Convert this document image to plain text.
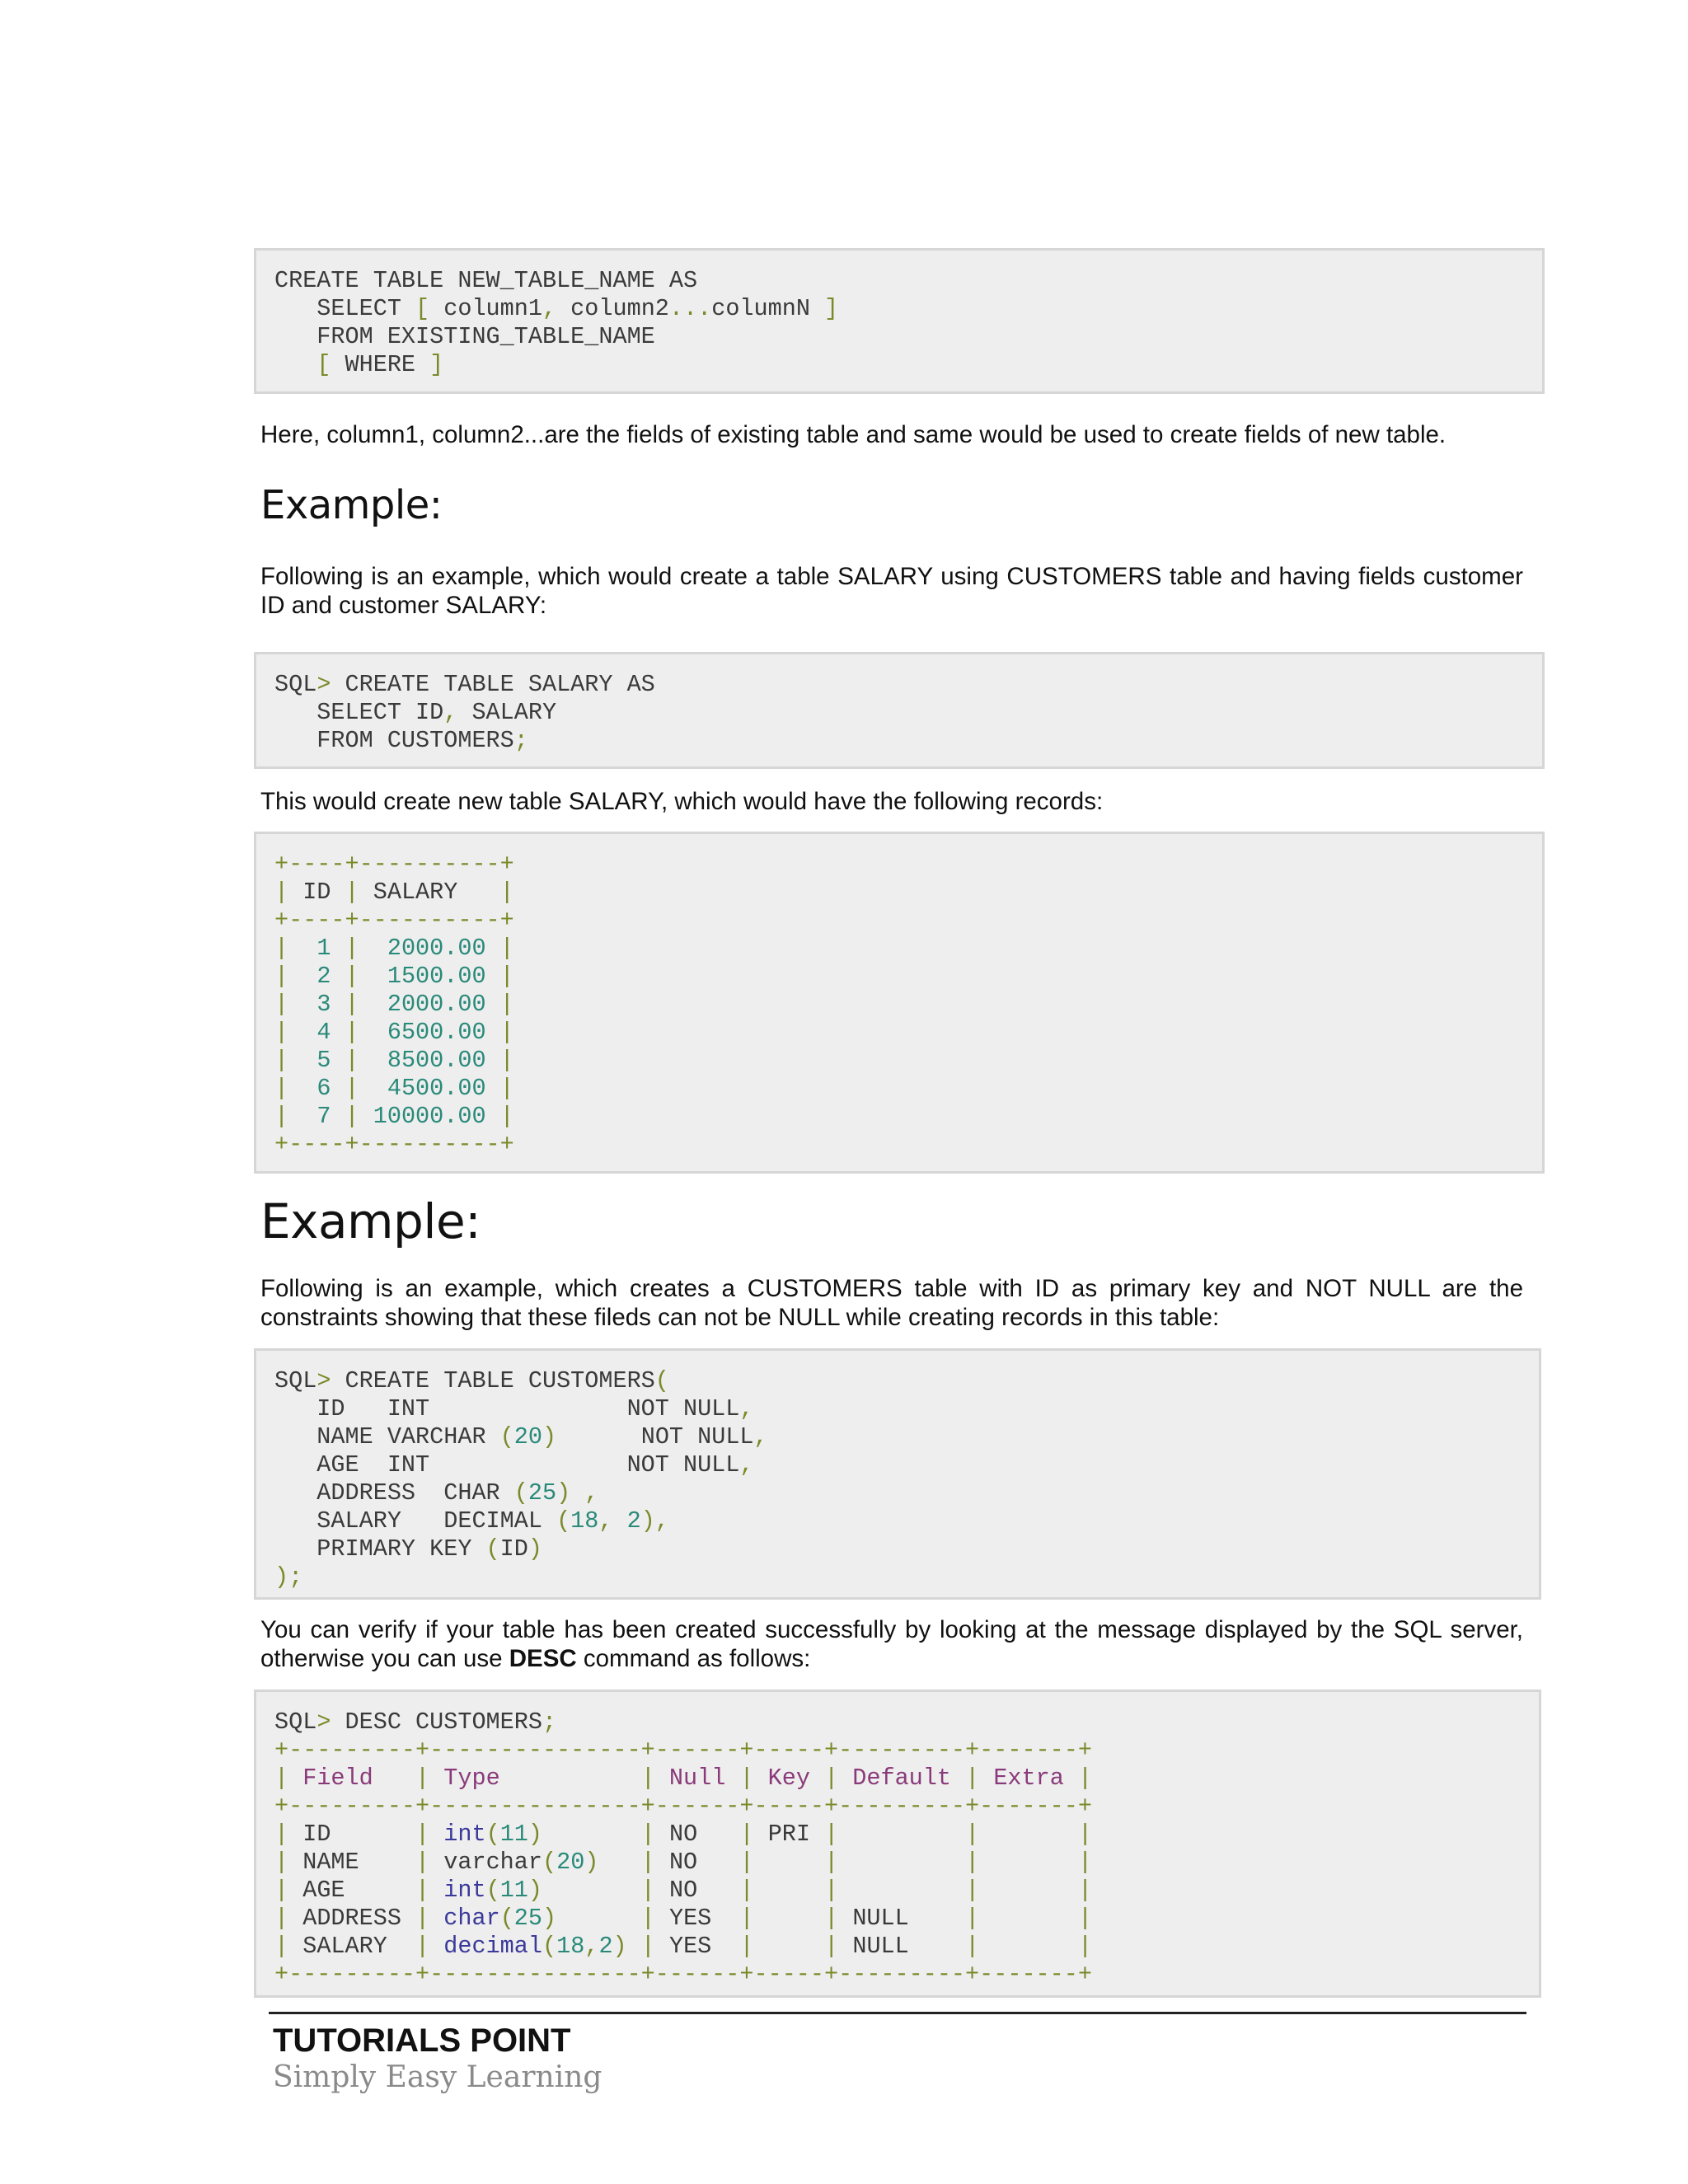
CREATE TABLE NEW_TABLE_NAME AS
SELECT [ column1, column2...columnN ]
FROM EXISTING_TABLE_NAME
[ WHERE ]

Here, column1, column2...are the fields of existing table and same would be used to create fields of new table.

Example:

Following is an example, which would create a table SALARY using CUSTOMERS table and having fields customer ID and customer SALARY:

SQL> CREATE TABLE SALARY AS
SELECT ID, SALARY
FROM CUSTOMERS;

This would create new table SALARY, which would have the following records:

+----+----------+
| ID | SALARY   |
+----+----------+
|  1 |  2000.00 |
|  2 |  1500.00 |
|  3 |  2000.00 |
|  4 |  6500.00 |
|  5 |  8500.00 |
|  6 |  4500.00 |
|  7 | 10000.00 |
+----+----------+
Example:

Following is an example, which creates a CUSTOMERS table with ID as primary key and NOT NULL are the constraints showing that these fileds can not be NULL while creating records in this table:

SQL> CREATE TABLE CUSTOMERS(
ID   INT              NOT NULL,
NAME VARCHAR (20)      NOT NULL,
AGE  INT              NOT NULL,
ADDRESS  CHAR (25) ,
SALARY   DECIMAL (18, 2),
PRIMARY KEY (ID)
);

You can verify if your table has been created successfully by looking at the message displayed by the SQL server, otherwise you can use DESC command as follows:

SQL> DESC CUSTOMERS;
+---------+---------------+------+-----+---------+-------+
| Field   | Type          | Null | Key | Default | Extra |
+---------+---------------+------+-----+---------+-------+
| ID      | int(11)	| NO   | PRI |	|	|
| NAME    | varchar(20) | NO   |	|	|	|
| AGE     | int(11)	| NO   |	|	|	|
| ADDRESS | char(25)	| YES  |	| NULL    |	|
| SALARY  | decimal(18,2) | YES  |	| NULL    |	|
+---------+---------------+------+-----+---------+-------+

TUTORIALS POINT

Simply Easy Learning
